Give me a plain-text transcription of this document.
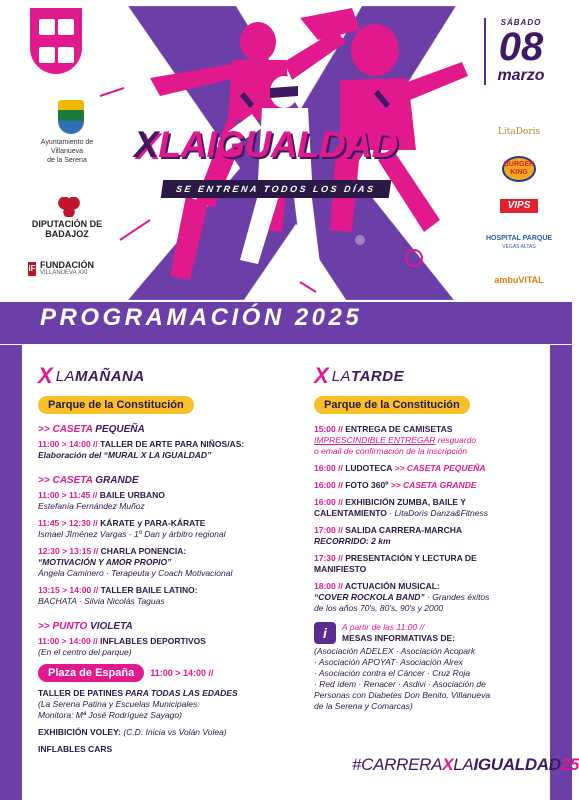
Ayuntamiento de
Villanueva
de la Serena
DIPUTACIÓN DE BADAJOZ
iF FUNDACIÓN
VILLANUEVA XXI
SÁBADO
08
marzo
LitaDoris
BURGER KING
VIPS
HOSPITAL PARQUE
VEGAS ALTAS
ambuVITAL
XLAIGUALDAD
SE ENTRENA TODOS LOS DÍAS
PROGRAMACIÓN 2025
X LAMAÑANA
Parque de la Constitución
>> CASETA PEQUEÑA
11:00 > 14:00 // TALLER DE ARTE PARA NIÑOS/AS:
Elaboración del “MURAL X LA IGUALDAD”
>> CASETA GRANDE
11:00 > 11:45 // BAILE URBANO
Estefanía Fernández Muñoz
11:45 > 12:30 // KÁRATE y PARA-KÁRATE
Ismael JIménez Vargas · 1º Dan y árbitro regional
12:30 > 13:15 // CHARLA PONENCIA:
“MOTIVACIÓN Y AMOR PROPIO”
Ángela Caminero · Terapeuta y Coach Motivacional
13:15 > 14:00 // TALLER BAILE LATINO:
BACHATA · Silvia Nicolás Taguas
>> PUNTO VIOLETA
11:00 > 14:00 // INFLABLES DEPORTIVOS
(En el centro del parque)
Plaza de España	11:00 > 14:00 //
TALLER DE PATINES PARA TODAS LAS EDADES
(La Serena Patina y Escuelas Municipales:
Monitora: Mª José Rodríguez Sayago)
EXHIBICIÓN VOLEY: (C.D. Inicia vs Volán Volea)
INFLABLES CARS
X LATARDE
Parque de la Constitución
15:00 // ENTREGA DE CAMISETAS
IMPRESCINDIBLE ENTREGAR resguardo
o email de confirmación de la inscripción
16:00 // LUDOTECA >> CASETA PEQUEÑA
16:00 // FOTO 360º >> CASETA GRANDE
16:00 // EXHIBICIÓN ZUMBA, BAILE Y
CALENTAMIENTO · LitaDoris Danza&Fitness
17:00 // SALIDA CARRERA-MARCHA
RECORRIDO: 2 km
17:30 // PRESENTACIÓN Y LECTURA DE
MANIFIESTO
18:00 // ACTUACIÓN MUSICAL:
“COVER ROCKOLA BAND” · Grandes éxitos
de los años 70's, 80's, 90's y 2000
i	A partir de las 11:00 //
MESAS INFORMATIVAS DE:
(Asociación ADELEX · Asociación Acopark
· Asociación APOYAT· Asociación Alrex
· Asociación contra el Cáncer · Cruz Roja
· Red ídem · Renacer · Asdivi · Asociación de
Personas con Diabetes Don Benito, Villanueva
de la Serena y Comarcas)
#CARRERAXLAIGUALDAD25
